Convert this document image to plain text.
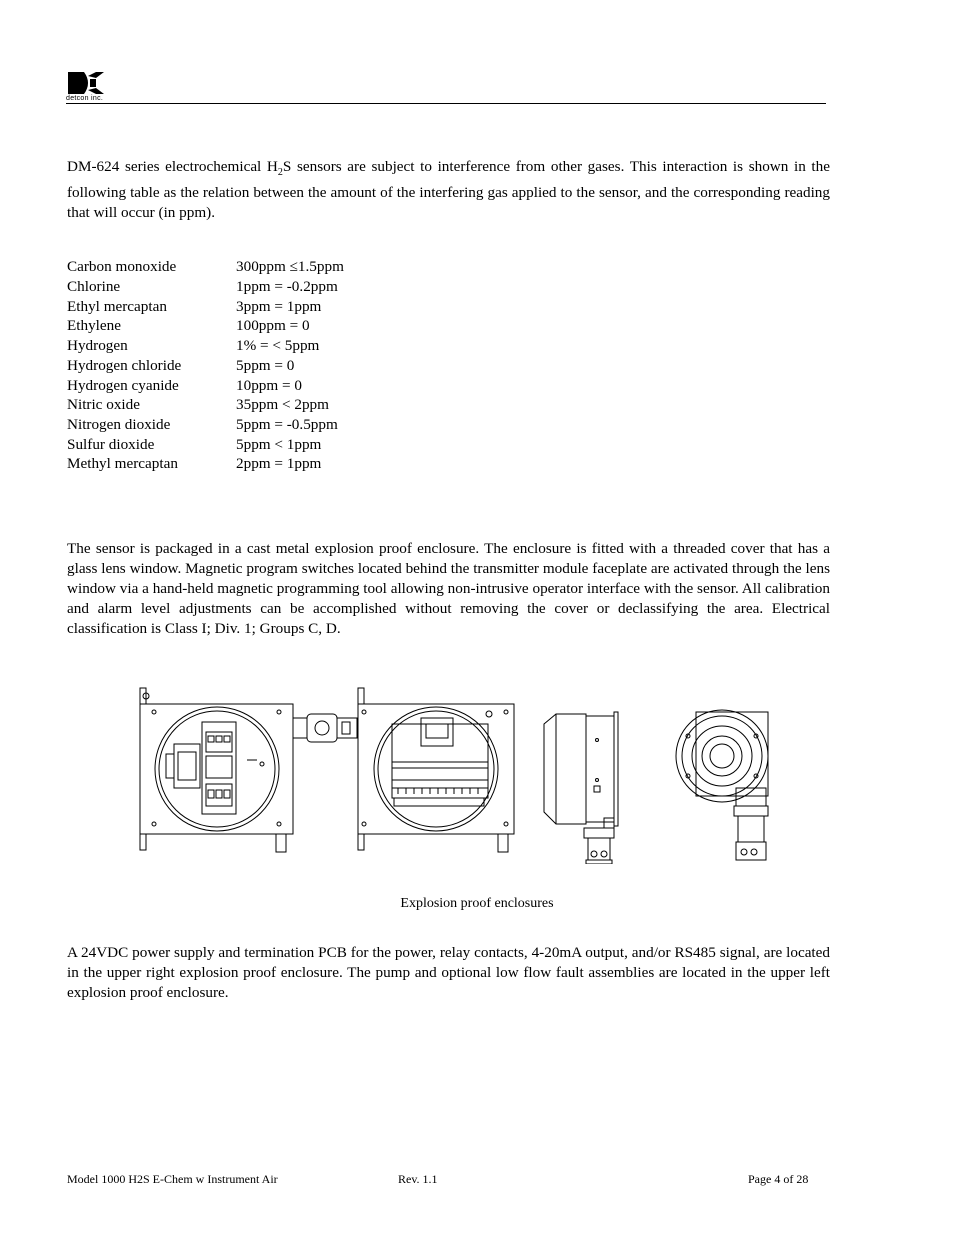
detcon inc.
DM-624 series electrochemical $H_2S$ sensors are subject to interference from other gases. This interaction is shown in the following table as the relation between the amount of the interfering gas applied to the sensor, and the corresponding reading that will occur (in ppm).
Carbon monoxide	300ppm ≤1.5ppm
Chlorine	1ppm = -0.2ppm
Ethyl mercaptan	3ppm = 1ppm
Ethylene	100ppm = 0
Hydrogen	1% = < 5ppm
Hydrogen chloride	5ppm = 0
Hydrogen cyanide	10ppm = 0
Nitric oxide	35ppm < 2ppm
Nitrogen dioxide	5ppm = -0.5ppm
Sulfur dioxide	5ppm < 1ppm
Methyl mercaptan	2ppm = 1ppm
The sensor is packaged in a cast metal explosion proof enclosure. The enclosure is fitted with a threaded cover that has a glass lens window. Magnetic program switches located behind the transmitter module faceplate are activated through the lens window via a hand-held magnetic programming tool allowing non-intrusive operator interface with the sensor. All calibration and alarm level adjustments can be accomplished without removing the cover or declassifying the area. Electrical classification is Class I; Div. 1; Groups C, D.
Explosion proof enclosures
A 24VDC power supply and termination PCB for the power, relay contacts, 4-20mA output, and/or RS485 signal, are located in the upper right explosion proof enclosure. The pump and optional low flow fault assemblies are located in the upper left explosion proof enclosure.
Model 1000 H2S E-Chem w Instrument Air	Rev. 1.1	Page 4 of 28
